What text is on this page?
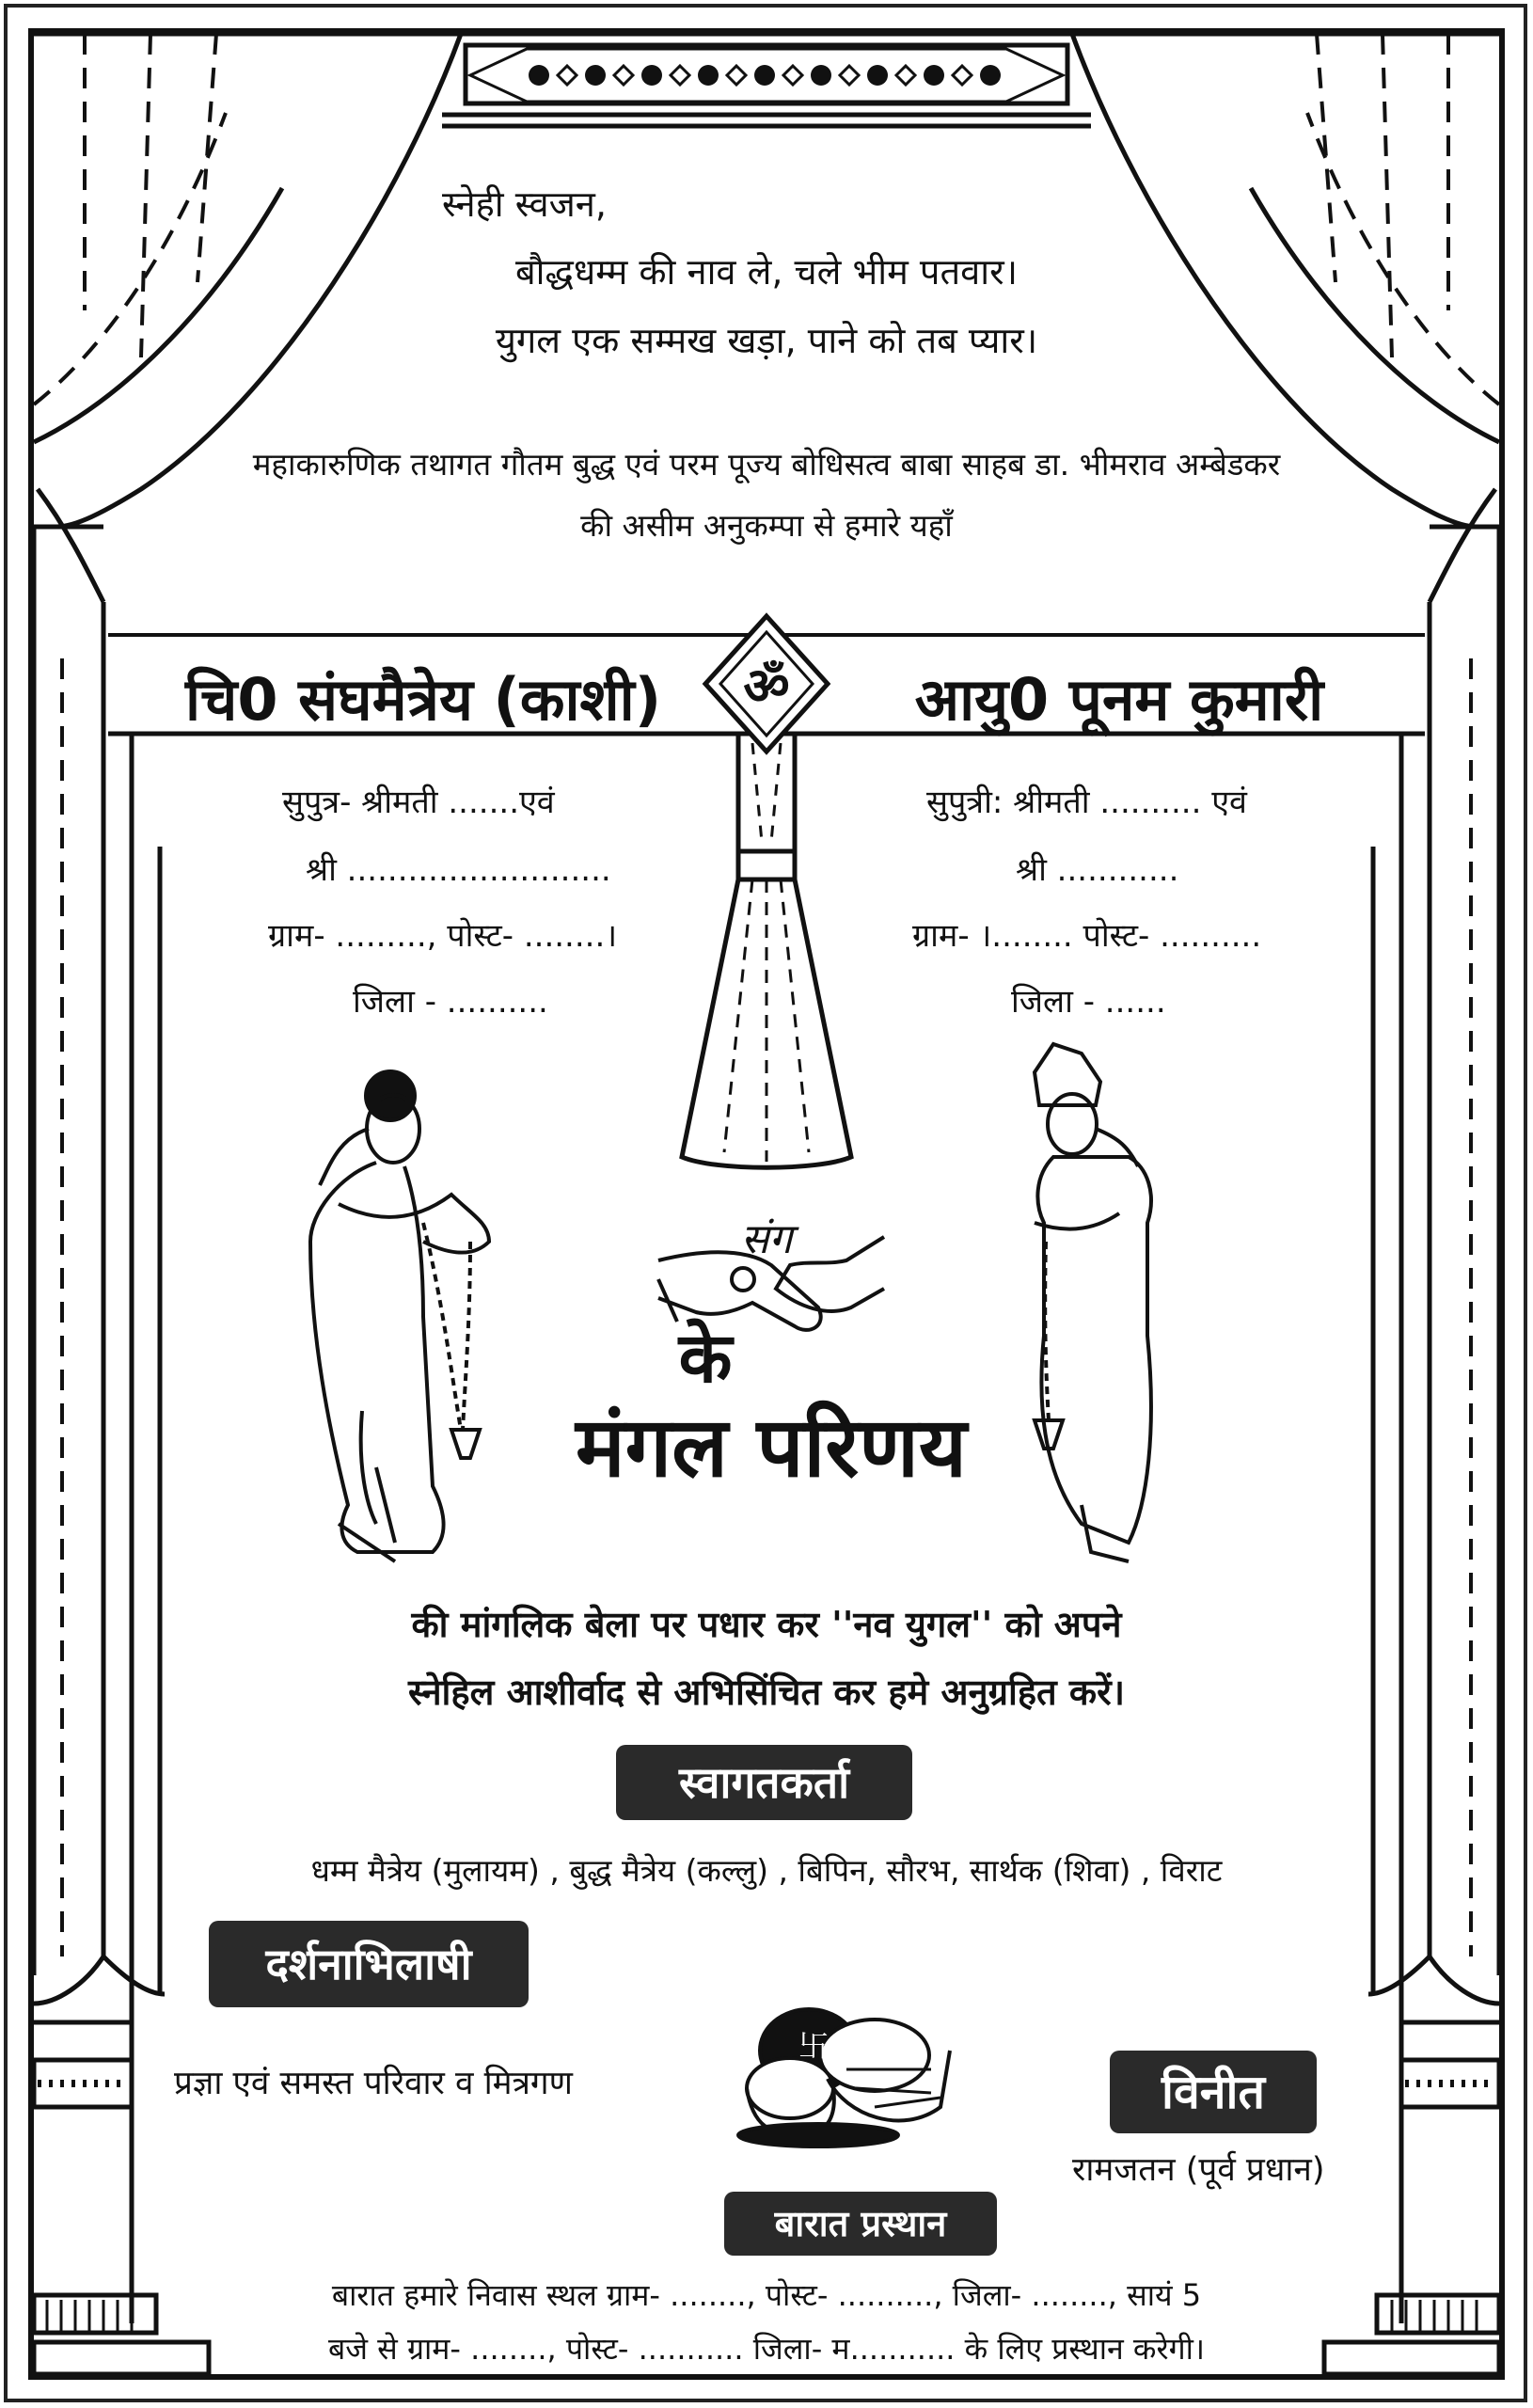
स्नेही स्वजन,
बौद्धधम्म की नाव ले, चले भीम पतवार।
युगल एक सम्मख खड़ा, पाने को तब प्यार।
महाकारुणिक तथागत गौतम बुद्ध एवं परम पूज्य बोधिसत्व बाबा साहब डा. भीमराव अम्बेडकर
की असीम अनुकम्पा से हमारे यहाँ
ॐ
चि0 संघमैत्रेय (काशी)	आयु0 पूनम कुमारी
सुपुत्र- श्रीमती .......एवं
श्री ..........................
ग्राम- ........., पोस्ट- ........।
जिला - ..........
सुपुत्री: श्रीमती .......... एवं
श्री ............
ग्राम- ।........ पोस्ट- ..........
जिला - ......
संग
के
मंगल परिणय
की मांगलिक बेला पर पधार कर ''नव युगल'' को अपने
स्नेहिल आशीर्वाद से अभिसिंचित कर हमे अनुग्रहित करें।
स्वागतकर्ता
धम्म मैत्रेय (मुलायम) , बुद्ध मैत्रेय (कल्लु) , बिपिन, सौरभ, सार्थक (शिवा) , विराट
दर्शनाभिलाषी
प्रज्ञा एवं समस्त परिवार व मित्रगण
卐
विनीत
रामजतन (पूर्व प्रधान)
बारात प्रस्थान
बारात हमारे निवास स्थल ग्राम- ........, पोस्ट- .........., जिला- ........, सायं 5
बजे से ग्राम- ........, पोस्ट- ........... जिला- म........... के लिए प्रस्थान करेगी।
